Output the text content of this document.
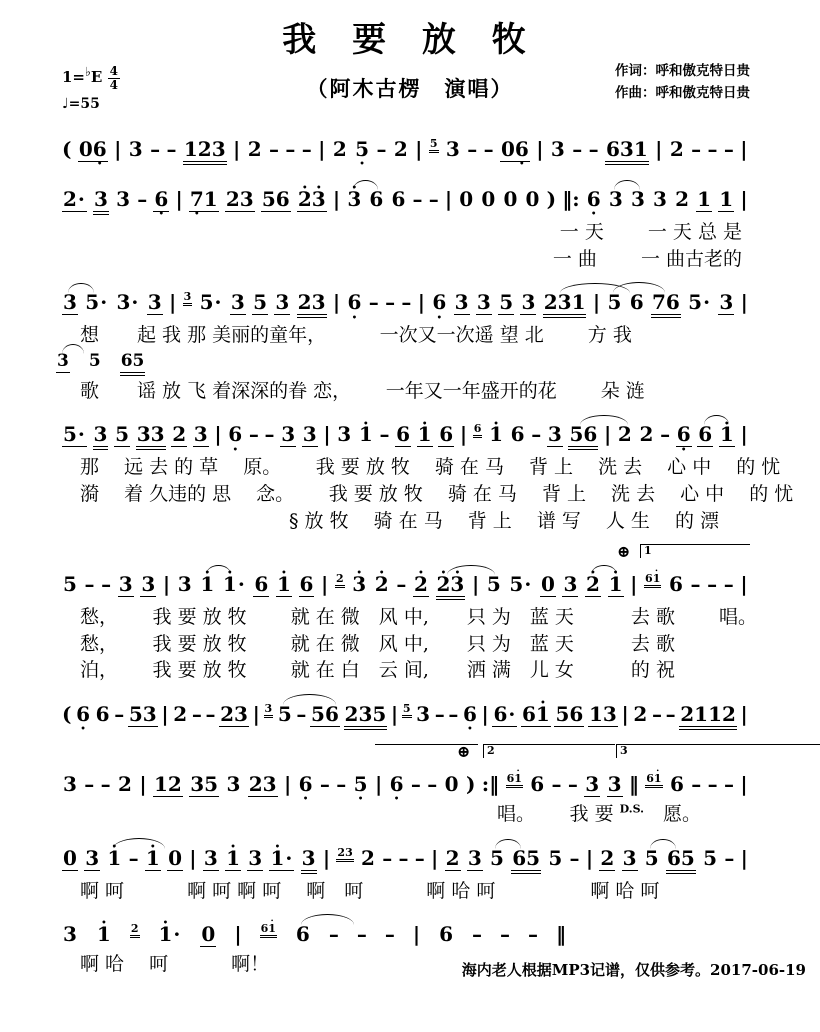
我 要 放 牧
（阿木古楞　演唱）
作词：呼和傲克特日贵
作曲：呼和傲克特日贵
$1=^♭E \frac{4}{4}$
♩=55
( 06 • | 3 – – 123 | 2 – – – | 2 5 • – 2 | 5 3 – – 06 • | 3 – – 631 | 2 – – – |
2· 3 3 – 6 • | 7 •1 23 56 • 2• 3 | • 3 6 6 – – | 0 0 0 0 ) ‖: 6 • 3 3 3 2 1 1 |
一 天　　 一 天 总 是
一 曲　　 一 曲古老的
3 5· 3· 3 | 3 5· 3 5 3 23 | 6 • – – – | 6 • 3 3 5 3 231 | 5 6 76 5· 3 |
想　　起 我 那 美丽的童年，　　　 一次又一次遥 望 北　　 方 我
3 5 65
歌　　谣 放 飞 着深深的眷 恋，　　 一年又一年盛开的花　　 朵 涟
5· 3 5 33 2 3 | 6 • – – 3 3 | 3 • 1 – 6 • 1 6 | 6 • 1 6 – 3 56 | 2 2 – 6 • 6 • 1 |
那　 远 去 的 草　 原。　　 我 要 放 牧　 骑 在 马　 背 上　 洗 去　 心 中　 的 忧
漪　 着 久违的 思　 念。　　 我 要 放 牧　 骑 在 马　 背 上　 洗 去　 心 中　 的 忧
　　　　　　　　　　　§ 放 牧　 骑 在 马　 背 上　 谱 写　 人 生　 的 漂
⊕	1
5 – – 3 3 | 3 • 1 • 1· 6 • 1 6 | 2 • 3 • 2 – • 2 • 2• 3 | 5 5· 0 3 • 2 • 1 | 6• 1 6 – – – |
愁，　　 我 要 放 牧　　 就 在 微　风 中,　　只 为　蓝 天　　　去 歌　　 唱。
愁，　　 我 要 放 牧　　 就 在 微　风 中,　　只 为　蓝 天　　　去 歌
泊，　　 我 要 放 牧　　 就 在 白　云 间,　　洒 满　儿 女　　　的 祝
( 6 • 6 – 53 | 2 – – 23 | 3 5 – 56 235 | 5 3 – – 6 • | 6· 6• 1 56 13 | 2 – – 2112 |
⊕	2	3
3 – – 2 | 12 35 3 23 | 6 • – – 5 • | 6 • – – 0 ) :‖ 6• 1 6 – – 3 3 ‖ 6• 1 6 – – – |
唱。　　 我 要 $^{D.S.}$　愿。
0 3 • 1 – • 1 0 | 3 • 1 3 • 1· 3 | 23 2 – – – | 2 3 5 65 5 – | 2 3 5 65 5 – |
啊 呵　　　 啊 呵 啊 呵　 啊　呵　　　 啊 哈 呵　　　　　啊 哈 呵
3 • 1 2 • 1· 0 | 6• 1 6 – – – | 6 – – – ‖
啊 哈　 呵　　　 啊！	海内老人根据MP3记谱，仅供参考。2017-06-19
